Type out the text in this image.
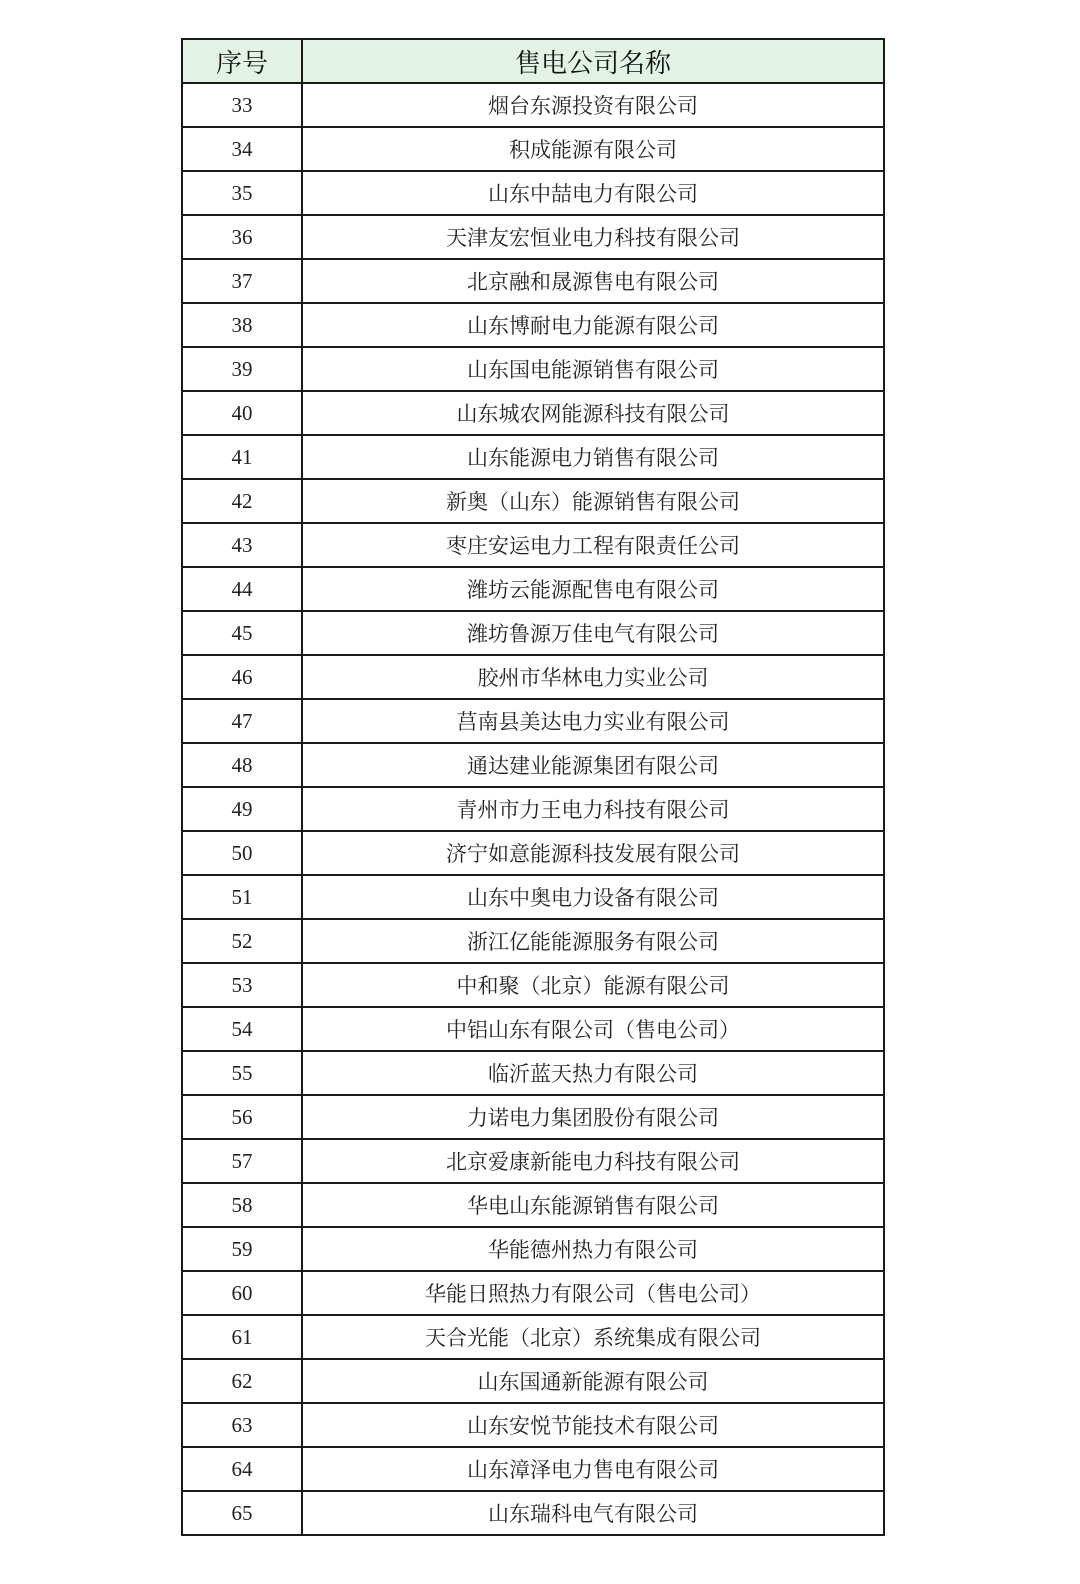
序号	售电公司名称
33	烟台东源投资有限公司
34	积成能源有限公司
35	山东中喆电力有限公司
36	天津友宏恒业电力科技有限公司
37	北京融和晟源售电有限公司
38	山东博耐电力能源有限公司
39	山东国电能源销售有限公司
40	山东城农网能源科技有限公司
41	山东能源电力销售有限公司
42	新奥（山东）能源销售有限公司
43	枣庄安运电力工程有限责任公司
44	潍坊云能源配售电有限公司
45	潍坊鲁源万佳电气有限公司
46	胶州市华林电力实业公司
47	莒南县美达电力实业有限公司
48	通达建业能源集团有限公司
49	青州市力王电力科技有限公司
50	济宁如意能源科技发展有限公司
51	山东中奥电力设备有限公司
52	浙江亿能能源服务有限公司
53	中和聚（北京）能源有限公司
54	中铝山东有限公司（售电公司）
55	临沂蓝天热力有限公司
56	力诺电力集团股份有限公司
57	北京爱康新能电力科技有限公司
58	华电山东能源销售有限公司
59	华能德州热力有限公司
60	华能日照热力有限公司（售电公司）
61	天合光能（北京）系统集成有限公司
62	山东国通新能源有限公司
63	山东安悦节能技术有限公司
64	山东漳泽电力售电有限公司
65	山东瑞科电气有限公司
